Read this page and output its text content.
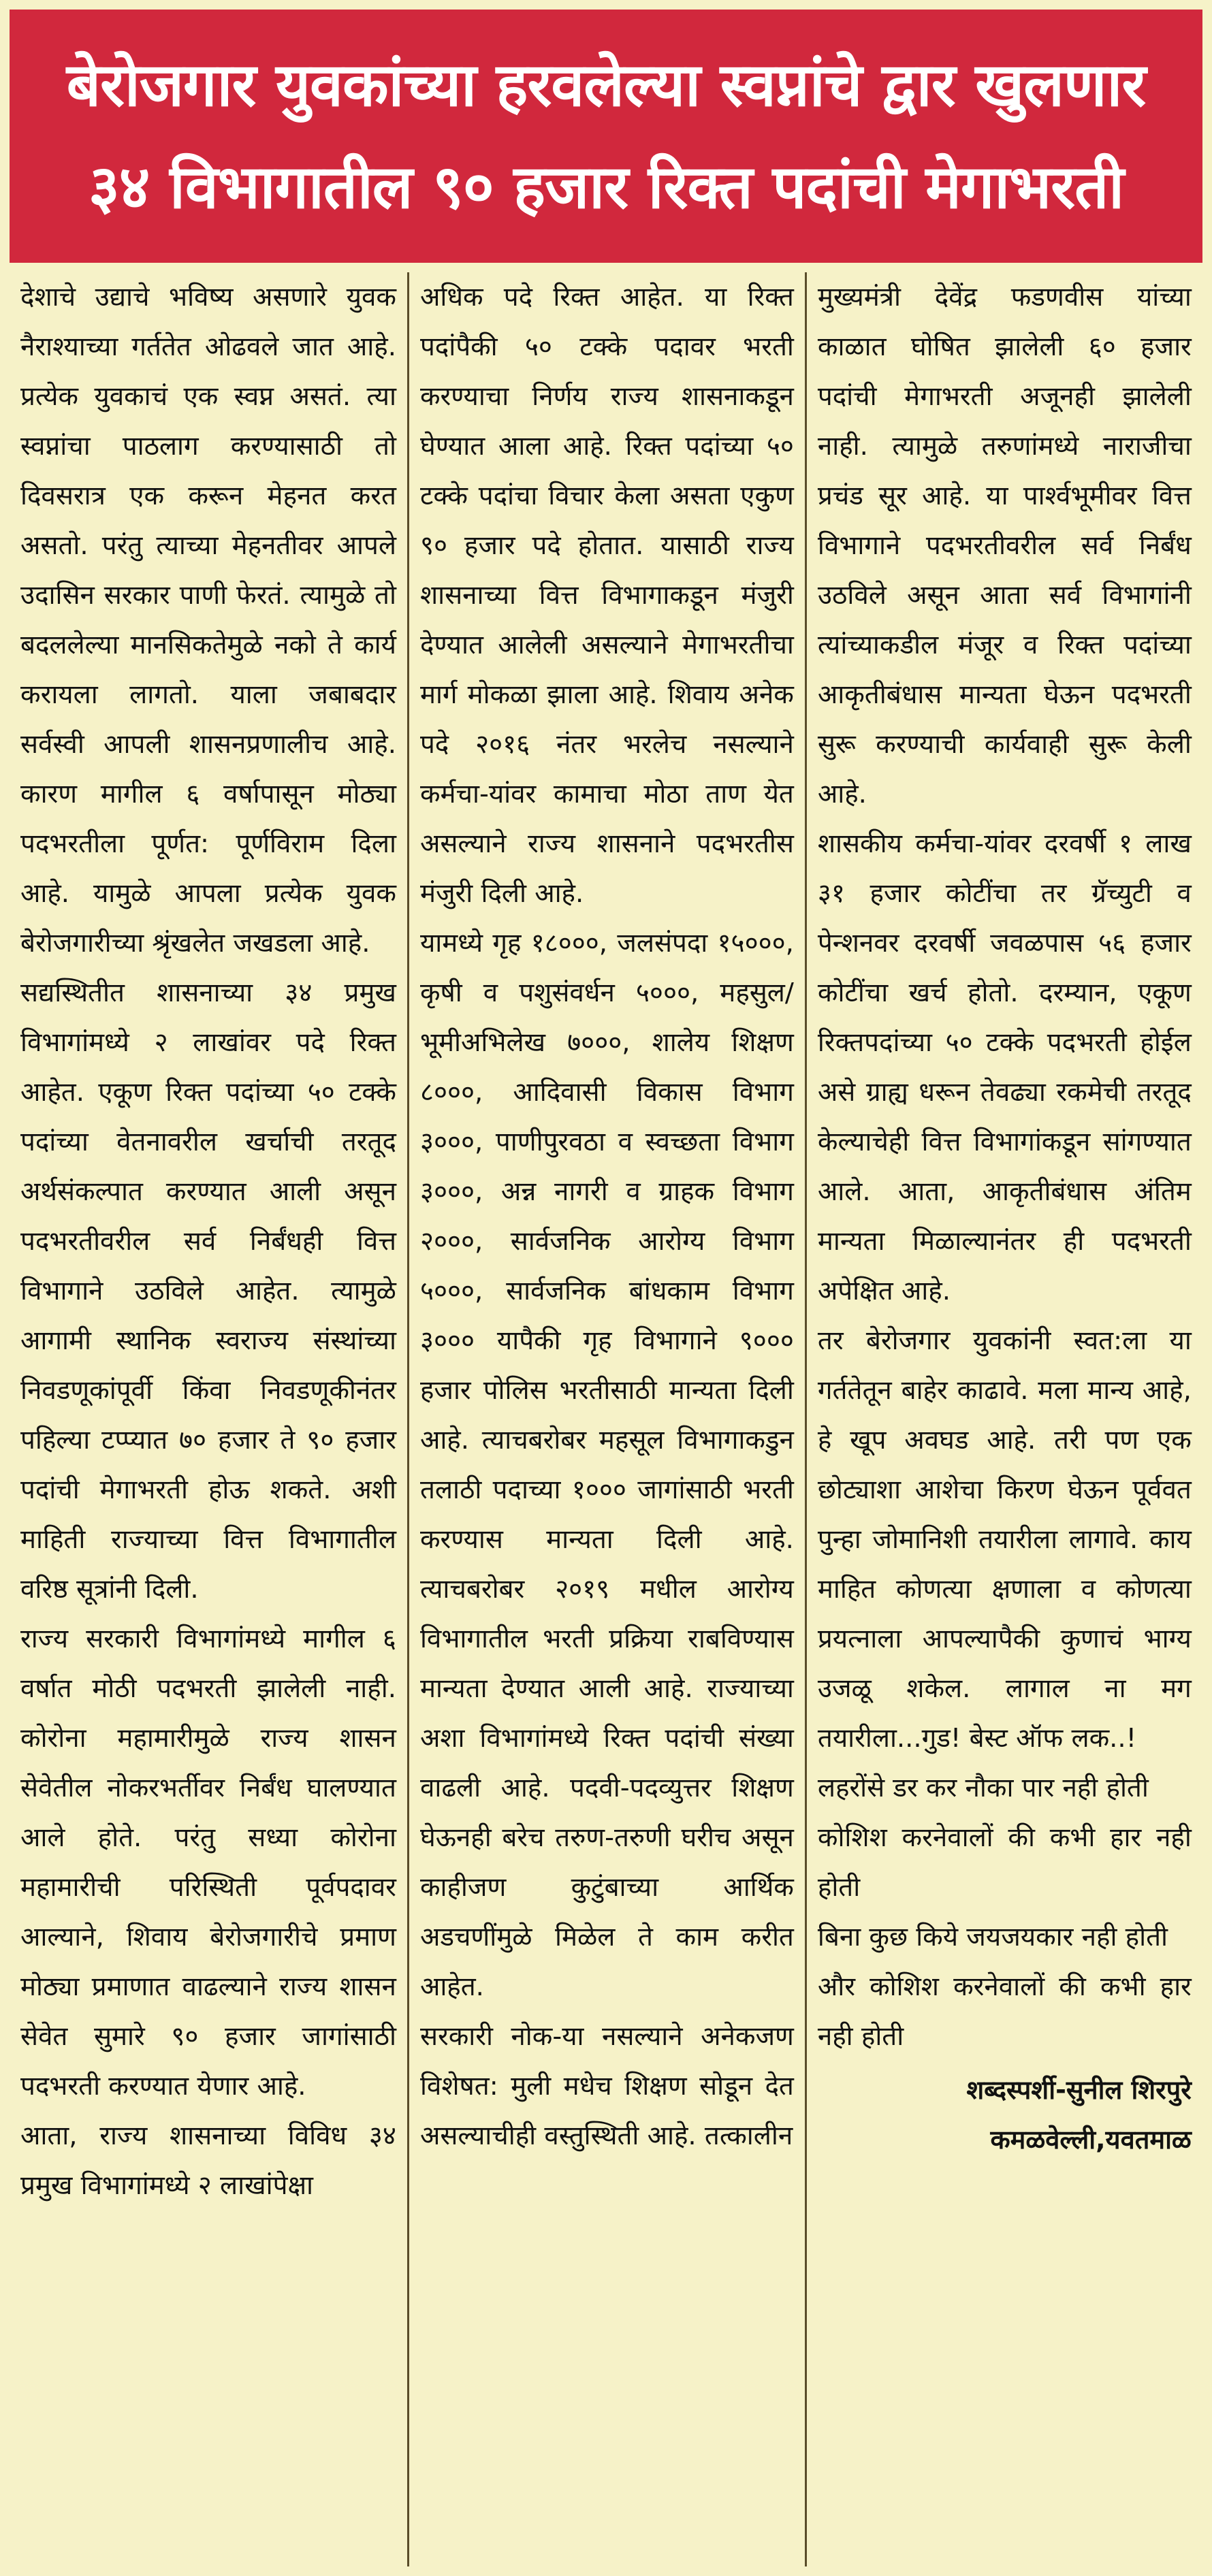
बेरोजगार युवकांच्या हरवलेल्या स्वप्नांचे द्वार खुलणार
३४ विभागातील ९० हजार रिक्त पदांची मेगाभरती

देशाचे उद्याचे भविष्य असणारे युवक नैराश्याच्या गर्ततेत ओढवले जात आहे. प्रत्येक युवकाचं एक स्वप्न असतं. त्या स्वप्नांचा पाठलाग करण्यासाठी तो दिवसरात्र एक करून मेहनत करत असतो. परंतु त्याच्या मेहनतीवर आपले उदासिन सरकार पाणी फेरतं. त्यामुळे तो बदललेल्या मानसिकतेमुळे नको ते कार्य करायला लागतो. याला जबाबदार सर्वस्वी आपली शासनप्रणालीच आहे. कारण मागील ६ वर्षापासून मोठ्या पदभरतीला पूर्णत: पूर्णविराम दिला आहे. यामुळे आपला प्रत्येक युवक बेरोजगारीच्या श्रृंखलेत जखडला आहे.

सद्यस्थितीत शासनाच्या ३४ प्रमुख विभागांमध्ये २ लाखांवर पदे रिक्त आहेत. एकूण रिक्त पदांच्या ५० टक्के पदांच्या वेतनावरील खर्चाची तरतूद अर्थसंकल्पात करण्यात आली असून पदभरतीवरील सर्व निर्बंधही वित्त विभागाने उठविले आहेत. त्यामुळे आगामी स्थानिक स्वराज्य संस्थांच्या निवडणूकांपूर्वी किंवा निवडणूकीनंतर पहिल्या टप्प्यात ७० हजार ते ९० हजार पदांची मेगाभरती होऊ शकते. अशी माहिती राज्याच्या वित्त विभागातील वरिष्ठ सूत्रांनी दिली.

राज्य सरकारी विभागांमध्ये मागील ६ वर्षात मोठी पदभरती झालेली नाही. कोरोना महामारीमुळे राज्य शासन सेवेतील नोकरभर्तीवर निर्बंध घालण्यात आले होते. परंतु सध्या कोरोना महामारीची परिस्थिती पूर्वपदावर आल्याने, शिवाय बेरोजगारीचे प्रमाण मोठ्या प्रमाणात वाढल्याने राज्य शासन सेवेत सुमारे ९० हजार जागांसाठी पदभरती करण्यात येणार आहे.

आता, राज्य शासनाच्या विविध ३४ प्रमुख विभागांमध्ये २ लाखांपेक्षा

अधिक पदे रिक्त आहेत. या रिक्त पदांपैकी ५० टक्के पदावर भरती करण्याचा निर्णय राज्य शासनाकडून घेण्यात आला आहे. रिक्त पदांच्या ५० टक्के पदांचा विचार केला असता एकुण ९० हजार पदे होतात. यासाठी राज्य शासनाच्या वित्त विभागाकडून मंजुरी देण्यात आलेली असल्याने मेगाभरतीचा मार्ग मोकळा झाला आहे. शिवाय अनेक पदे २०१६ नंतर भरलेच नसल्याने कर्मचा-यांवर कामाचा मोठा ताण येत असल्याने राज्य शासनाने पदभरतीस मंजुरी दिली आहे.

यामध्ये गृह १८०००, जलसंपदा १५०००, कृषी व पशुसंवर्धन ५०००, महसुल/भूमीअभिलेख ७०००, शालेय शिक्षण ८०००, आदिवासी विकास विभाग ३०००, पाणीपुरवठा व स्वच्छता विभाग ३०००, अन्न नागरी व ग्राहक विभाग २०००, सार्वजनिक आरोग्य विभाग ५०००, सार्वजनिक बांधकाम विभाग ३००० यापैकी गृह विभागाने ९००० हजार पोलिस भरतीसाठी मान्यता दिली आहे. त्याचबरोबर महसूल विभागाकडुन तलाठी पदाच्या १००० जागांसाठी भरती करण्यास मान्यता दिली आहे. त्याचबरोबर २०१९ मधील आरोग्य विभागातील भरती प्रक्रिया राबविण्यास मान्यता देण्यात आली आहे. राज्याच्या अशा विभागांमध्ये रिक्त पदांची संख्या वाढली आहे. पदवी-पदव्युत्तर शिक्षण घेऊनही बरेच तरुण-तरुणी घरीच असून काहीजण कुटुंबाच्या आर्थिक अडचणींमुळे मिळेल ते काम करीत आहेत.

सरकारी नोक-या नसल्याने अनेकजण विशेषत: मुली मधेच शिक्षण सोडून देत असल्याचीही वस्तुस्थिती आहे. तत्कालीन

मुख्यमंत्री देवेंद्र फडणवीस यांच्या काळात घोषित झालेली ६० हजार पदांची मेगाभरती अजूनही झालेली नाही. त्यामुळे तरुणांमध्ये नाराजीचा प्रचंड सूर आहे. या पार्श्वभूमीवर वित्त विभागाने पदभरतीवरील सर्व निर्बंध उठविले असून आता सर्व विभागांनी त्यांच्याकडील मंजूर व रिक्त पदांच्या आकृतीबंधास मान्यता घेऊन पदभरती सुरू करण्याची कार्यवाही सुरू केली आहे.

शासकीय कर्मचा-यांवर दरवर्षी १ लाख ३१ हजार कोटींचा तर ग्रॅच्युटी व पेन्शनवर दरवर्षी जवळपास ५६ हजार कोटींचा खर्च होतो. दरम्यान, एकूण रिक्तपदांच्या ५० टक्के पदभरती होईल असे ग्राह्य धरून तेवढ्या रकमेची तरतूद केल्याचेही वित्त विभागांकडून सांगण्यात आले. आता, आकृतीबंधास अंतिम मान्यता मिळाल्यानंतर ही पदभरती अपेक्षित आहे.

तर बेरोजगार युवकांनी स्वत:ला या गर्ततेतून बाहेर काढावे. मला मान्य आहे, हे खूप अवघड आहे. तरी पण एक छोट्याशा आशेचा किरण घेऊन पूर्ववत पुन्हा जोमानिशी तयारीला लागावे. काय माहित कोणत्या क्षणाला व कोणत्या प्रयत्नाला आपल्यापैकी कुणाचं भाग्य उजळू शकेल. लागाल ना मग तयारीला...गुड! बेस्ट ऑफ लक..!

लहरोंसे डर कर नौका पार नही होती

कोशिश करनेवालों की कभी हार नही होती

बिना कुछ किये जयजयकार नही होती

और कोशिश करनेवालों की कभी हार नही होती

शब्दस्पर्शी-सुनील शिरपुरे
कमळवेल्ली,यवतमाळ
